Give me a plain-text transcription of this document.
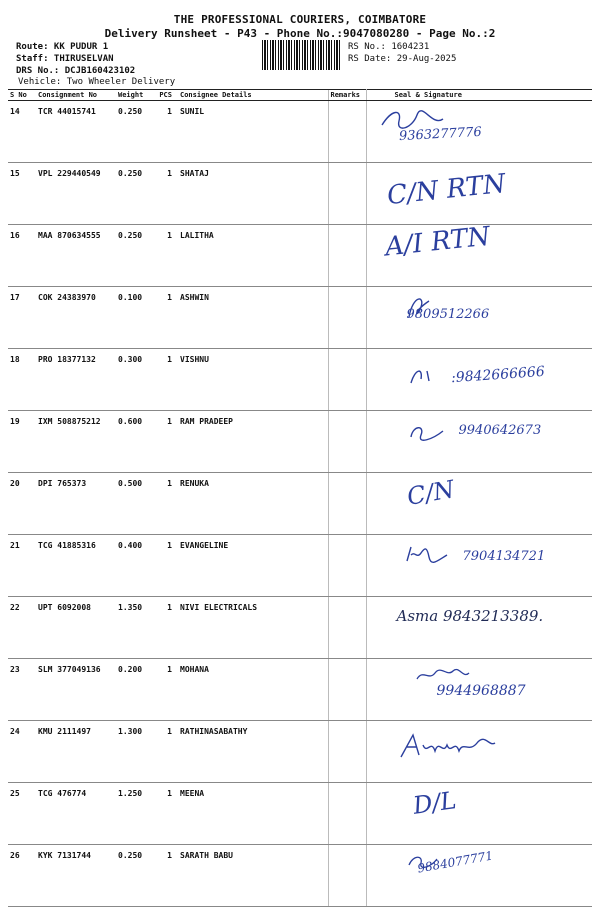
THE PROFESSIONAL COURIERS, COIMBATORE
Delivery Runsheet - P43 - Phone No.:9047080280 - Page No.:2
Route: KK PUDUR 1
Staff: THIRUSELVAN
DRS No.: DCJB160423102
Vehicle: Two Wheeler Delivery
RS No.: 1604231
RS Date: 29-Aug-2025
S No	Consignment No	Weight	PCS	Consignee Details	Remarks	Seal & Signature
14	TCR 44015741	0.250	1	SUNIL		9363277776

15	VPL 229440549	0.250	1	SHATAJ		C/N RTN

16	MAA 870634555	0.250	1	LALITHA		A/I RTN

17	COK 24383970	0.100	1	ASHWIN		9809512266

18	PRO 18377132	0.300	1	VISHNU		:9842666666

19	IXM 508875212	0.600	1	RAM PRADEEP		9940642673

20	DPI 765373	0.500	1	RENUKA		C/N

21	TCG 41885316	0.400	1	EVANGELINE		7904134721

22	UPT 6092008	1.350	1	NIVI ELECTRICALS		Asma 9843213389.

23	SLM 377049136	0.200	1	MOHANA		9944968887

24	KMU 2111497	1.300	1	RATHINASABATHY		

25	TCG 476774	1.250	1	MEENA		D/L

26	KYK 7131744	0.250	1	SARATH BABU		9884077771
